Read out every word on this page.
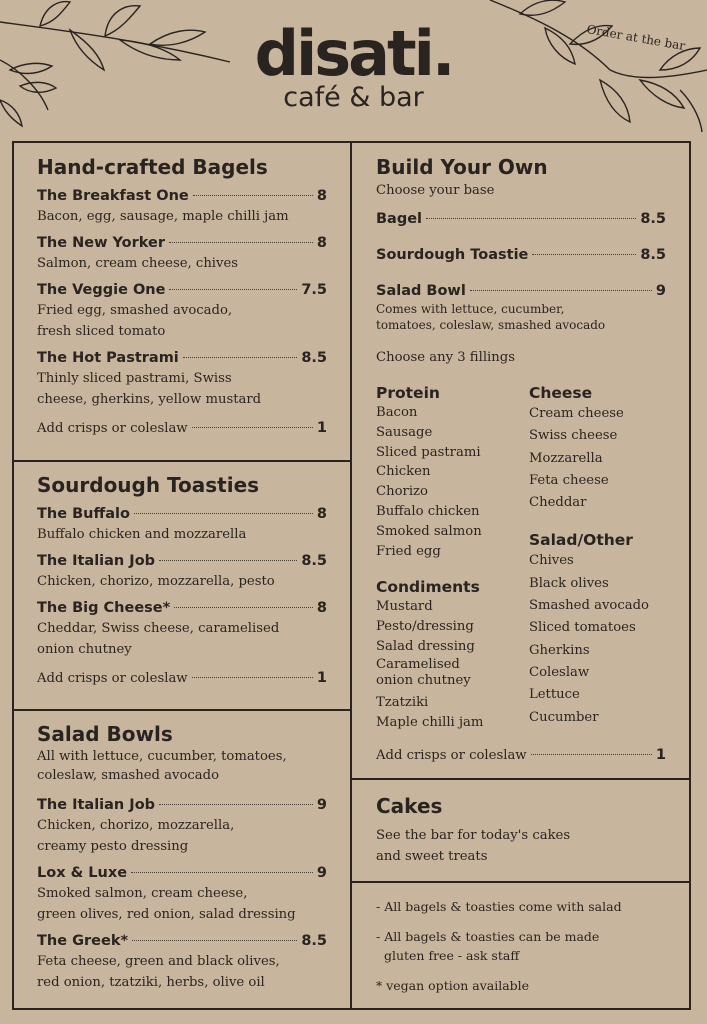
disati.
café & bar
Order at the bar
Hand-crafted Bagels
The Breakfast One	8
Bacon, egg, sausage, maple chilli jam
The New Yorker	8
Salmon, cream cheese, chives
The Veggie One	7.5
Fried egg, smashed avocado,
fresh sliced tomato
The Hot Pastrami	8.5
Thinly sliced pastrami, Swiss
cheese, gherkins, yellow mustard
Add crisps or coleslaw	1
Sourdough Toasties
The Buffalo	8
Buffalo chicken and mozzarella
The Italian Job	8.5
Chicken, chorizo, mozzarella, pesto
The Big Cheese*	8
Cheddar, Swiss cheese, caramelised
onion chutney
Add crisps or coleslaw	1
Salad Bowls
All with lettuce, cucumber, tomatoes,
coleslaw, smashed avocado
The Italian Job	9
Chicken, chorizo, mozzarella,
creamy pesto dressing
Lox & Luxe	9
Smoked salmon, cream cheese,
green olives, red onion, salad dressing
The Greek*	8.5
Feta cheese, green and black olives,
red onion, tzatziki, herbs, olive oil
Build Your Own
Choose your base
Bagel	8.5
Sourdough Toastie	8.5
Salad Bowl	9
Comes with lettuce, cucumber,
tomatoes, coleslaw, smashed avocado
Choose any 3 fillings
Protein
Bacon
Sausage
Sliced pastrami
Chicken
Chorizo
Buffalo chicken
Smoked salmon
Fried egg
Condiments
Mustard
Pesto/dressing
Salad dressing
Caramelised
onion chutney
Tzatziki
Maple chilli jam
Cheese
Cream cheese
Swiss cheese
Mozzarella
Feta cheese
Cheddar
Salad/Other
Chives
Black olives
Smashed avocado
Sliced tomatoes
Gherkins
Coleslaw
Lettuce
Cucumber
Add crisps or coleslaw	1
Cakes
See the bar for today's cakes
and sweet treats
- All bagels & toasties come with salad
- All bagels & toasties can be made
gluten free - ask staff
* vegan option available
